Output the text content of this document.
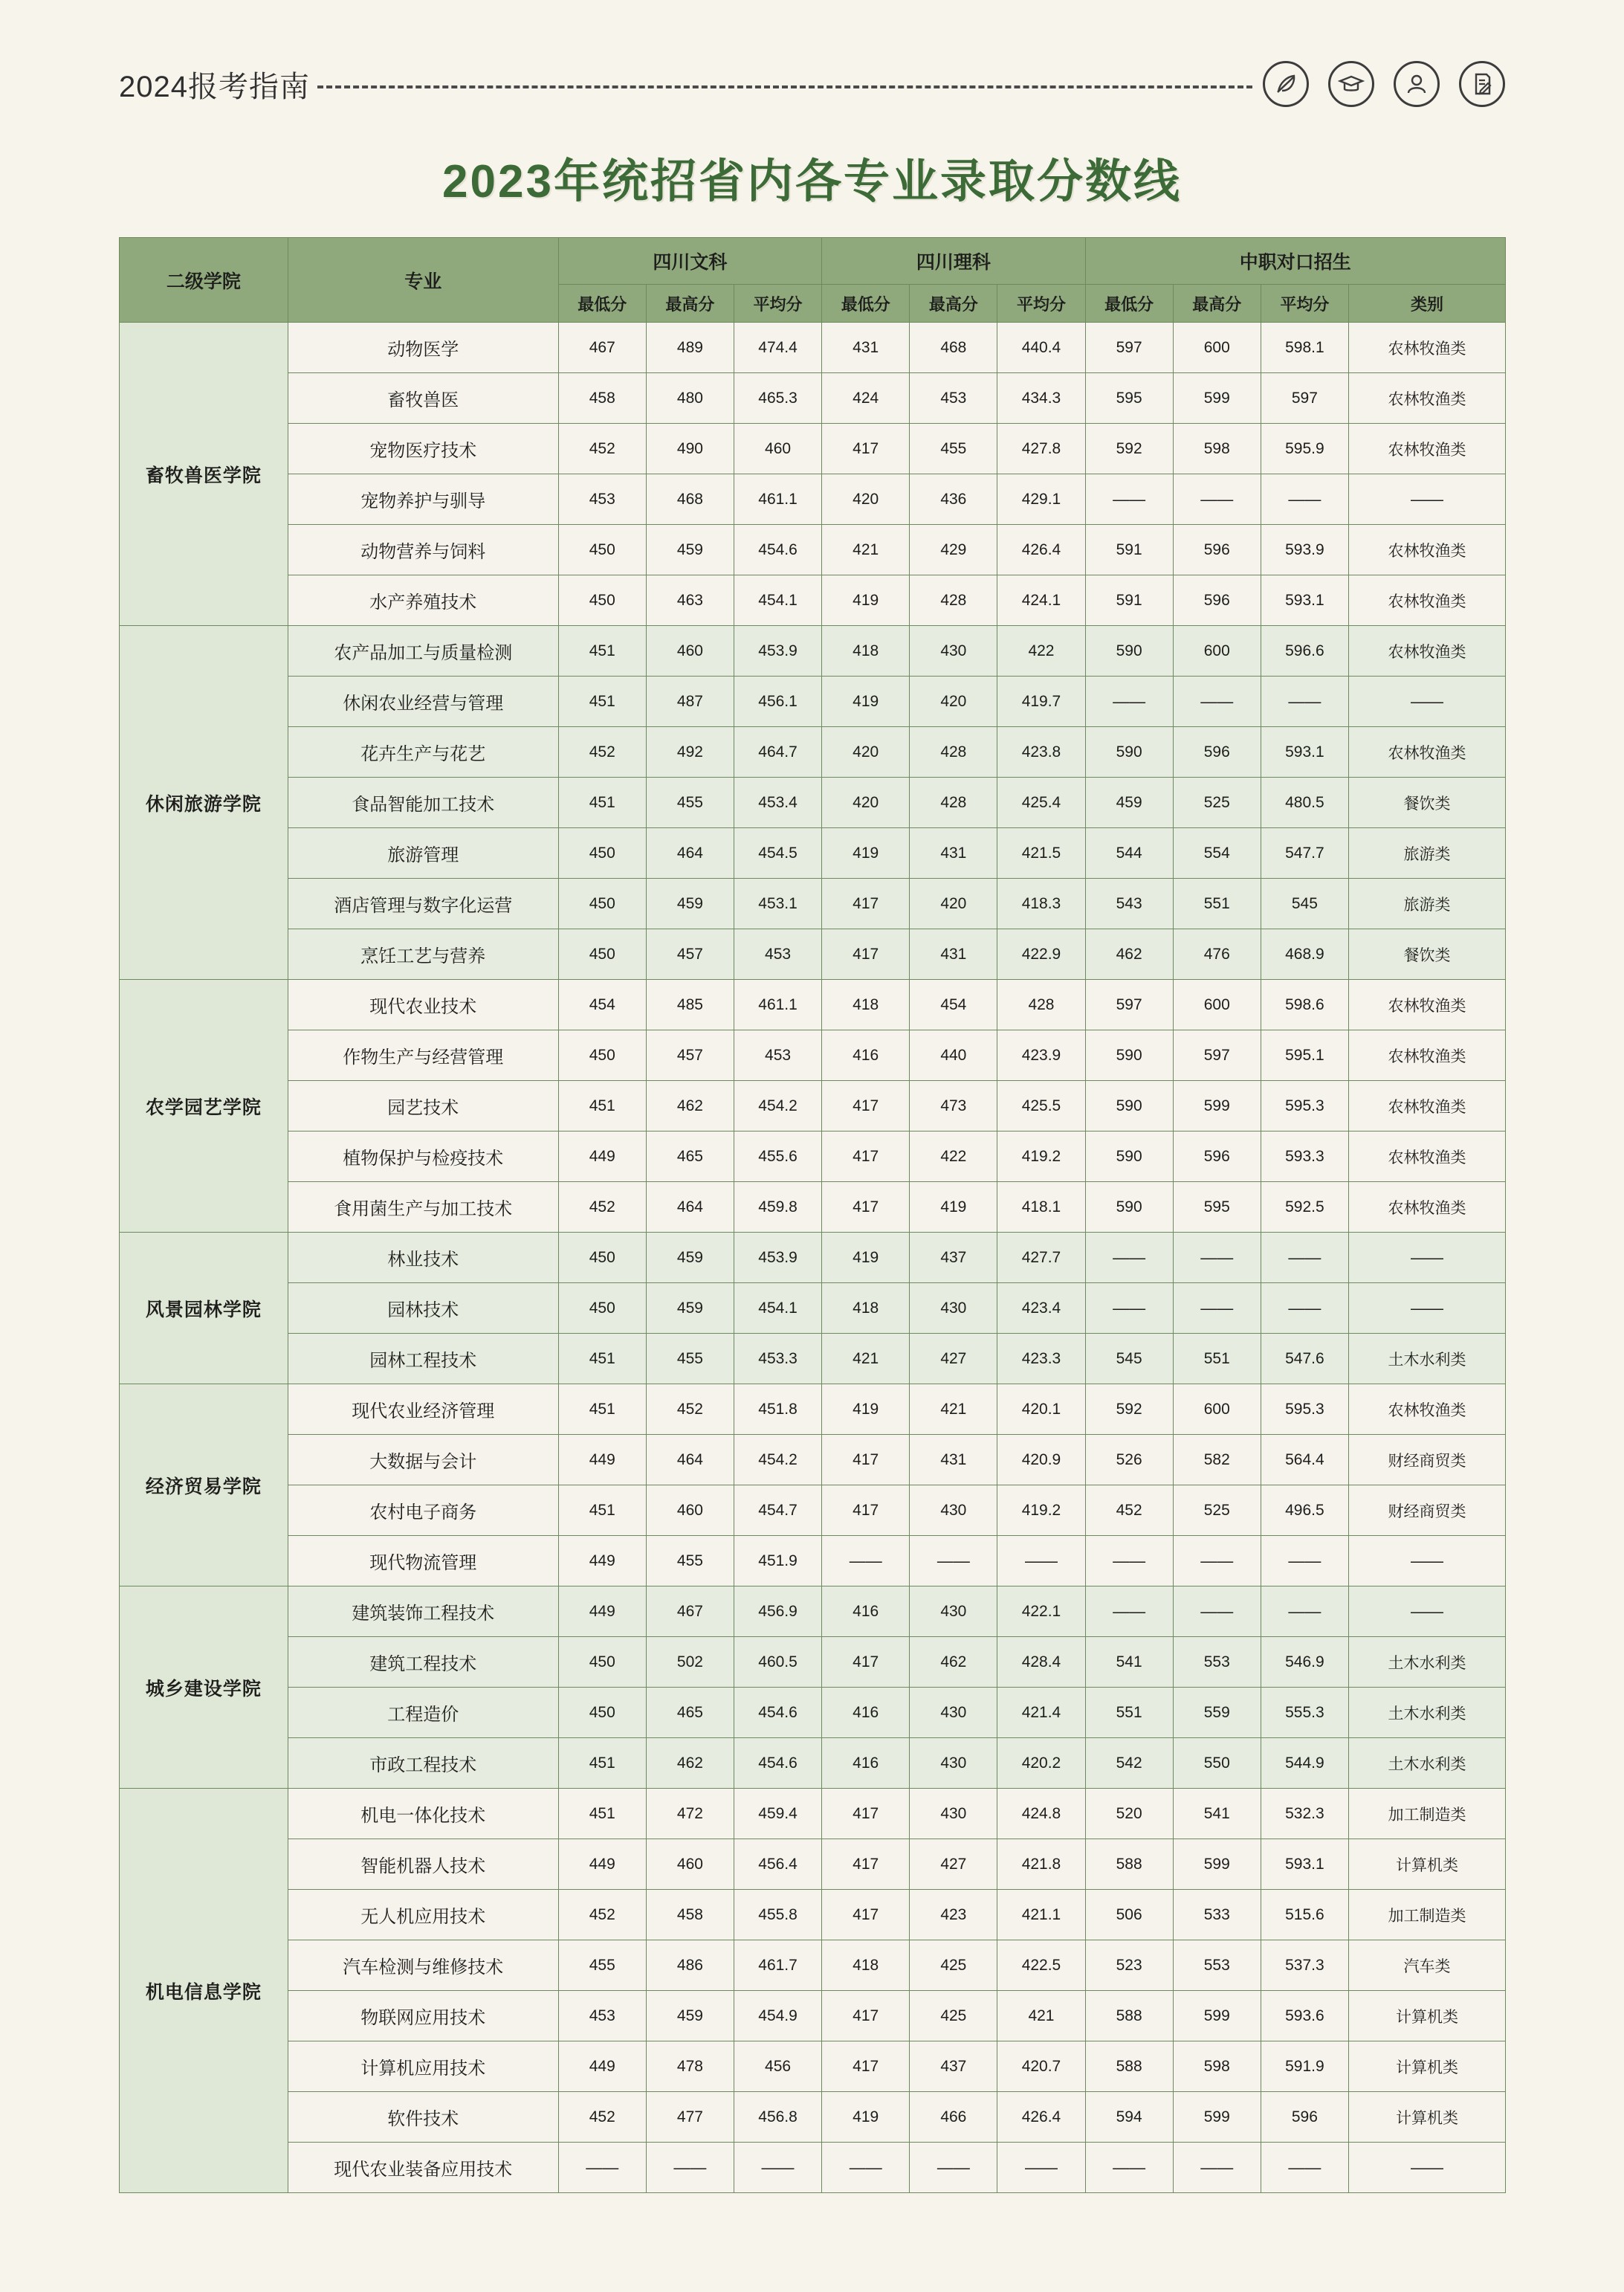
2024报考指南
2023年统招省内各专业录取分数线
二级学院	专业	四川文科			四川理科			中职对口招生			
		最低分	最高分	平均分	最低分	最高分	平均分	最低分	最高分	平均分	类别
畜牧兽医学院	动物医学	467	489	474.4	431	468	440.4	597	600	598.1	农林牧渔类
	畜牧兽医	458	480	465.3	424	453	434.3	595	599	597	农林牧渔类
	宠物医疗技术	452	490	460	417	455	427.8	592	598	595.9	农林牧渔类
	宠物养护与驯导	453	468	461.1	420	436	429.1	——	——	——	——
	动物营养与饲料	450	459	454.6	421	429	426.4	591	596	593.9	农林牧渔类
	水产养殖技术	450	463	454.1	419	428	424.1	591	596	593.1	农林牧渔类
休闲旅游学院	农产品加工与质量检测	451	460	453.9	418	430	422	590	600	596.6	农林牧渔类
	休闲农业经营与管理	451	487	456.1	419	420	419.7	——	——	——	——
	花卉生产与花艺	452	492	464.7	420	428	423.8	590	596	593.1	农林牧渔类
	食品智能加工技术	451	455	453.4	420	428	425.4	459	525	480.5	餐饮类
	旅游管理	450	464	454.5	419	431	421.5	544	554	547.7	旅游类
	酒店管理与数字化运营	450	459	453.1	417	420	418.3	543	551	545	旅游类
	烹饪工艺与营养	450	457	453	417	431	422.9	462	476	468.9	餐饮类
农学园艺学院	现代农业技术	454	485	461.1	418	454	428	597	600	598.6	农林牧渔类
	作物生产与经营管理	450	457	453	416	440	423.9	590	597	595.1	农林牧渔类
	园艺技术	451	462	454.2	417	473	425.5	590	599	595.3	农林牧渔类
	植物保护与检疫技术	449	465	455.6	417	422	419.2	590	596	593.3	农林牧渔类
	食用菌生产与加工技术	452	464	459.8	417	419	418.1	590	595	592.5	农林牧渔类
风景园林学院	林业技术	450	459	453.9	419	437	427.7	——	——	——	——
	园林技术	450	459	454.1	418	430	423.4	——	——	——	——
	园林工程技术	451	455	453.3	421	427	423.3	545	551	547.6	土木水利类
经济贸易学院	现代农业经济管理	451	452	451.8	419	421	420.1	592	600	595.3	农林牧渔类
	大数据与会计	449	464	454.2	417	431	420.9	526	582	564.4	财经商贸类
	农村电子商务	451	460	454.7	417	430	419.2	452	525	496.5	财经商贸类
	现代物流管理	449	455	451.9	——	——	——	——	——	——	——
城乡建设学院	建筑装饰工程技术	449	467	456.9	416	430	422.1	——	——	——	——
	建筑工程技术	450	502	460.5	417	462	428.4	541	553	546.9	土木水利类
	工程造价	450	465	454.6	416	430	421.4	551	559	555.3	土木水利类
	市政工程技术	451	462	454.6	416	430	420.2	542	550	544.9	土木水利类
机电信息学院	机电一体化技术	451	472	459.4	417	430	424.8	520	541	532.3	加工制造类
	智能机器人技术	449	460	456.4	417	427	421.8	588	599	593.1	计算机类
	无人机应用技术	452	458	455.8	417	423	421.1	506	533	515.6	加工制造类
	汽车检测与维修技术	455	486	461.7	418	425	422.5	523	553	537.3	汽车类
	物联网应用技术	453	459	454.9	417	425	421	588	599	593.6	计算机类
	计算机应用技术	449	478	456	417	437	420.7	588	598	591.9	计算机类
	软件技术	452	477	456.8	419	466	426.4	594	599	596	计算机类
	现代农业装备应用技术	——	——	——	——	——	——	——	——	——	——
